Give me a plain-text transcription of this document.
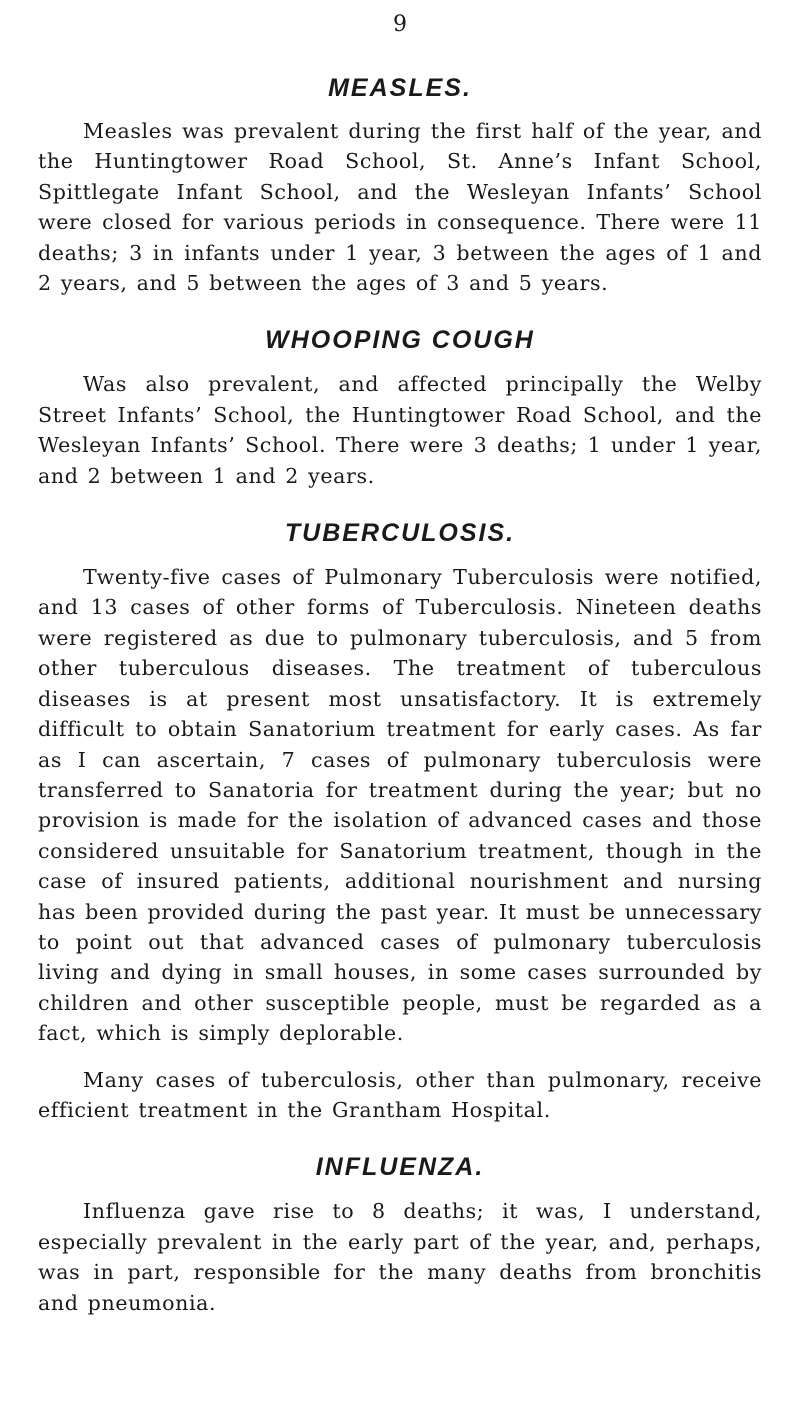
9
MEASLES.

Measles was prevalent during the first half of the year, and the Huntingtower Road School, St. Anne’s Infant School, Spittlegate Infant School, and the Wesleyan Infants’ School were closed for various periods in consequence. There were 11 deaths; 3 in infants under 1 year, 3 between the ages of 1 and 2 years, and 5 between the ages of 3 and 5 years.

WHOOPING COUGH

Was also prevalent, and affected principally the Welby Street Infants’ School, the Huntingtower Road School, and the Wesleyan Infants’ School. There were 3 deaths; 1 under 1 year, and 2 between 1 and 2 years.

TUBERCULOSIS.

Twenty-five cases of Pulmonary Tuberculosis were notified, and 13 cases of other forms of Tuberculosis. Nineteen deaths were registered as due to pulmonary tuberculosis, and 5 from other tuberculous diseases. The treatment of tuberculous diseases is at present most unsatisfactory. It is extremely difficult to obtain Sanatorium treatment for early cases. As far as I can ascertain, 7 cases of pulmonary tuberculosis were transferred to Sanatoria for treatment during the year; but no provision is made for the isolation of advanced cases and those considered unsuitable for Sanatorium treatment, though in the case of insured patients, additional nourishment and nursing has been provided during the past year. It must be unnecessary to point out that advanced cases of pulmonary tuberculosis living and dying in small houses, in some cases surrounded by children and other susceptible people, must be regarded as a fact, which is simply deplorable.

Many cases of tuberculosis, other than pulmonary, receive efficient treatment in the Grantham Hospital.

INFLUENZA.

Influenza gave rise to 8 deaths; it was, I understand, especially prevalent in the early part of the year, and, perhaps, was in part, responsible for the many deaths from bronchitis and pneumonia.
